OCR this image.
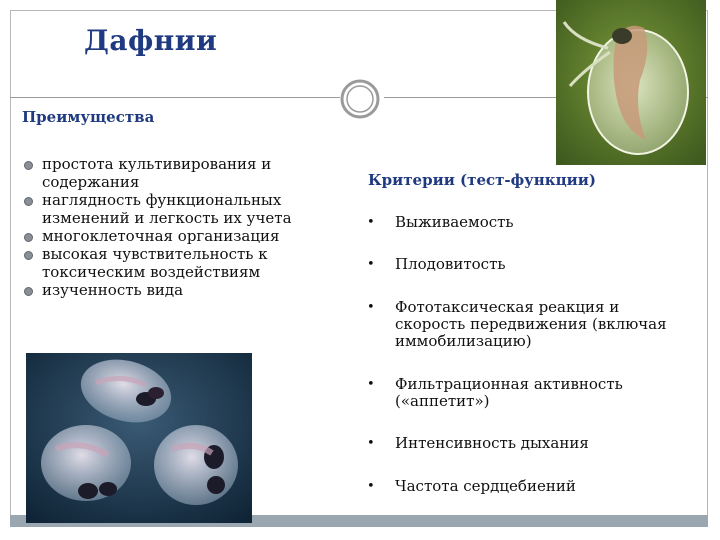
Дафнии
Преимущества
простота культивирования и содержания
наглядность функциональных изменений и легкость их учета
многоклеточная организация
высокая чувствительность к токсическим воздействиям
изученность вида
Критерии (тест-функции)
• Выживаемость
• Плодовитость
• Фототаксическая реакция и скорость передвижения (включая иммобилизацию)
• Фильтрационная активность («аппетит»)
• Интенсивность дыхания
• Частота сердцебиений
